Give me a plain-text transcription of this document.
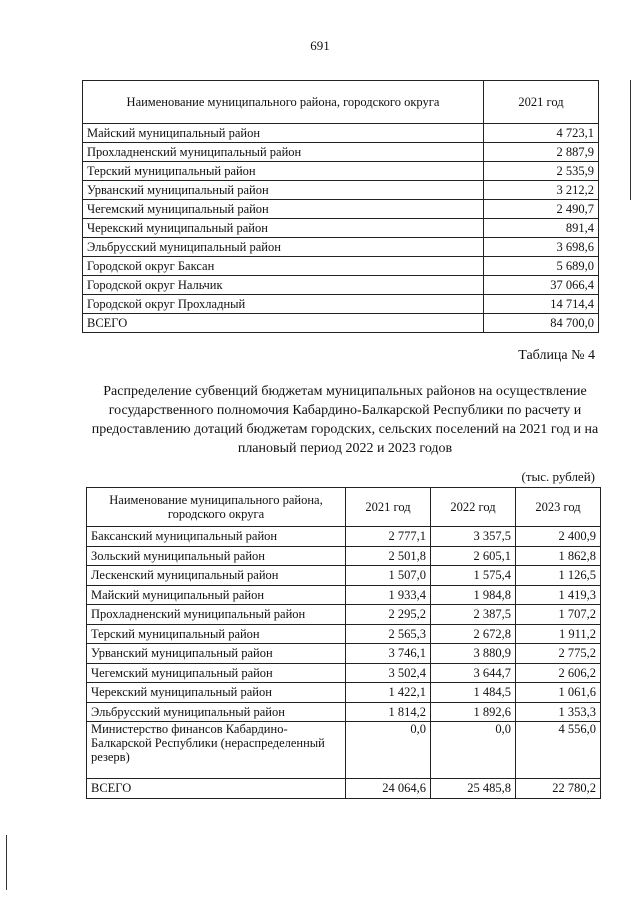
691
Наименование муниципального района, городского округа	2021 год
Майский муниципальный район	4 723,1
Прохладненский муниципальный район	2 887,9
Терский муниципальный район	2 535,9
Урванский муниципальный район	3 212,2
Чегемский муниципальный район	2 490,7
Черекский муниципальный район	891,4
Эльбрусский муниципальный район	3 698,6
Городской округ Баксан	5 689,0
Городской округ Нальчик	37 066,4
Городской округ Прохладный	14 714,4
ВСЕГО	84 700,0
Таблица № 4
Распределение субвенций бюджетам муниципальных районов на осуществление государственного полномочия Кабардино-Балкарской Республики по расчету и предоставлению дотаций бюджетам городских, сельских поселений на 2021 год и на плановый период 2022 и 2023 годов
(тыс. рублей)
Наименование муниципального района, городского округа	2021 год	2022 год	2023 год
Баксанский муниципальный район	2 777,1	3 357,5	2 400,9
Зольский муниципальный район	2 501,8	2 605,1	1 862,8
Лескенский муниципальный район	1 507,0	1 575,4	1 126,5
Майский муниципальный район	1 933,4	1 984,8	1 419,3
Прохладненский муниципальный район	2 295,2	2 387,5	1 707,2
Терский муниципальный район	2 565,3	2 672,8	1 911,2
Урванский муниципальный район	3 746,1	3 880,9	2 775,2
Чегемский муниципальный район	3 502,4	3 644,7	2 606,2
Черекский муниципальный район	1 422,1	1 484,5	1 061,6
Эльбрусский муниципальный район	1 814,2	1 892,6	1 353,3
Министерство финансов Кабардино-Балкарской Республики (нераспределенный резерв)	0,0	0,0	4 556,0
ВСЕГО	24 064,6	25 485,8	22 780,2
